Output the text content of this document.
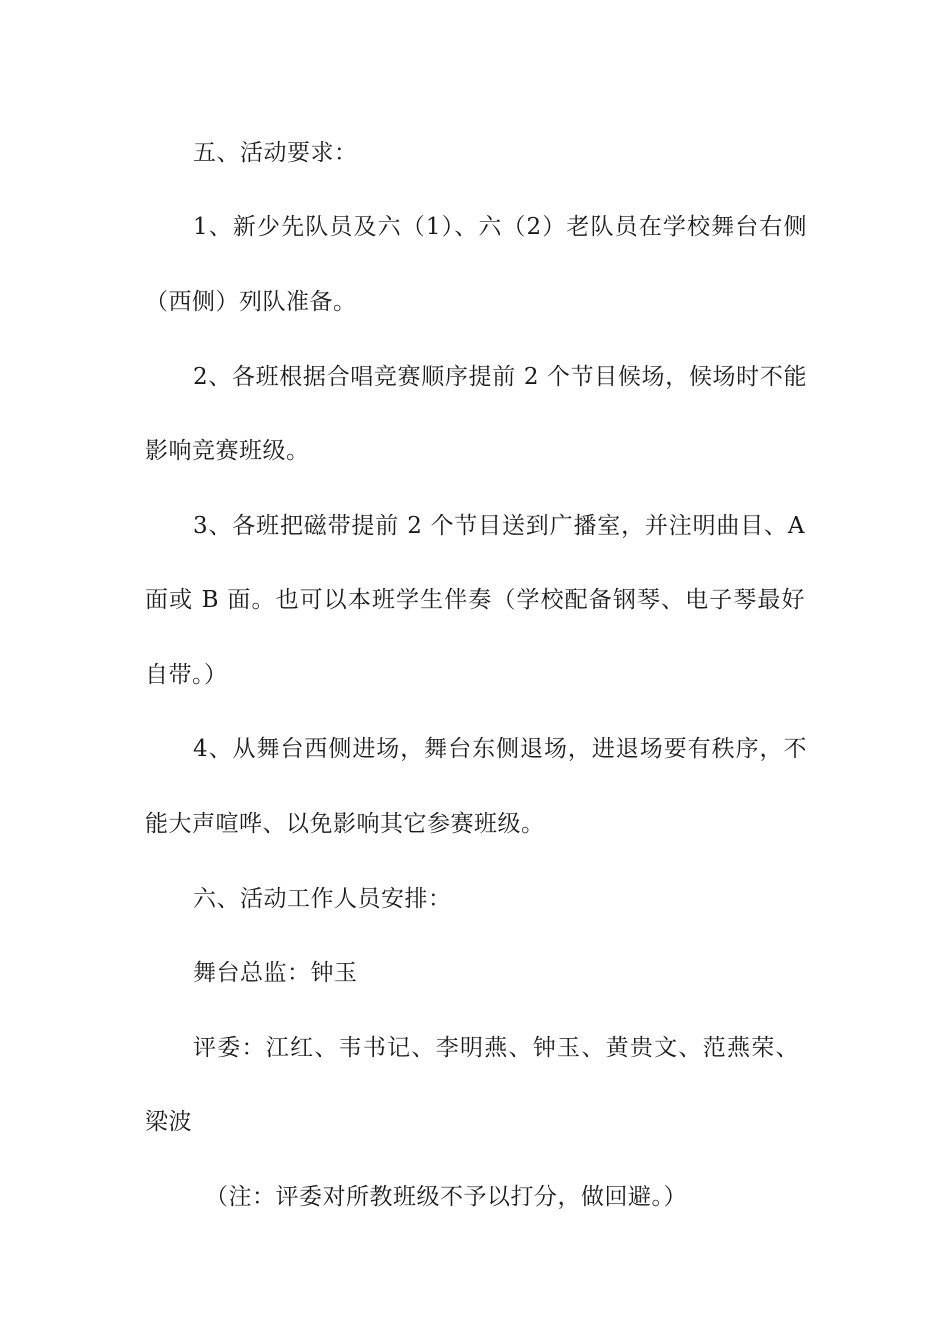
五、活动要求：
1、新少先队员及六（1）、六（2）老队员在学校舞台右侧
（西侧）列队准备。
2、各班根据合唱竞赛顺序提前 2 个节目候场，候场时不能
影响竞赛班级。
3、各班把磁带提前 2 个节目送到广播室，并注明曲目、A
面或 B 面。也可以本班学生伴奏（学校配备钢琴、电子琴最好
自带。）
4、从舞台西侧进场，舞台东侧退场，进退场要有秩序，不
能大声喧哗、以免影响其它参赛班级。
六、活动工作人员安排：
舞台总监：钟玉
评委：江红、韦书记、李明燕、钟玉、黄贵文、范燕荣、
梁波
（注：评委对所教班级不予以打分，做回避。）
